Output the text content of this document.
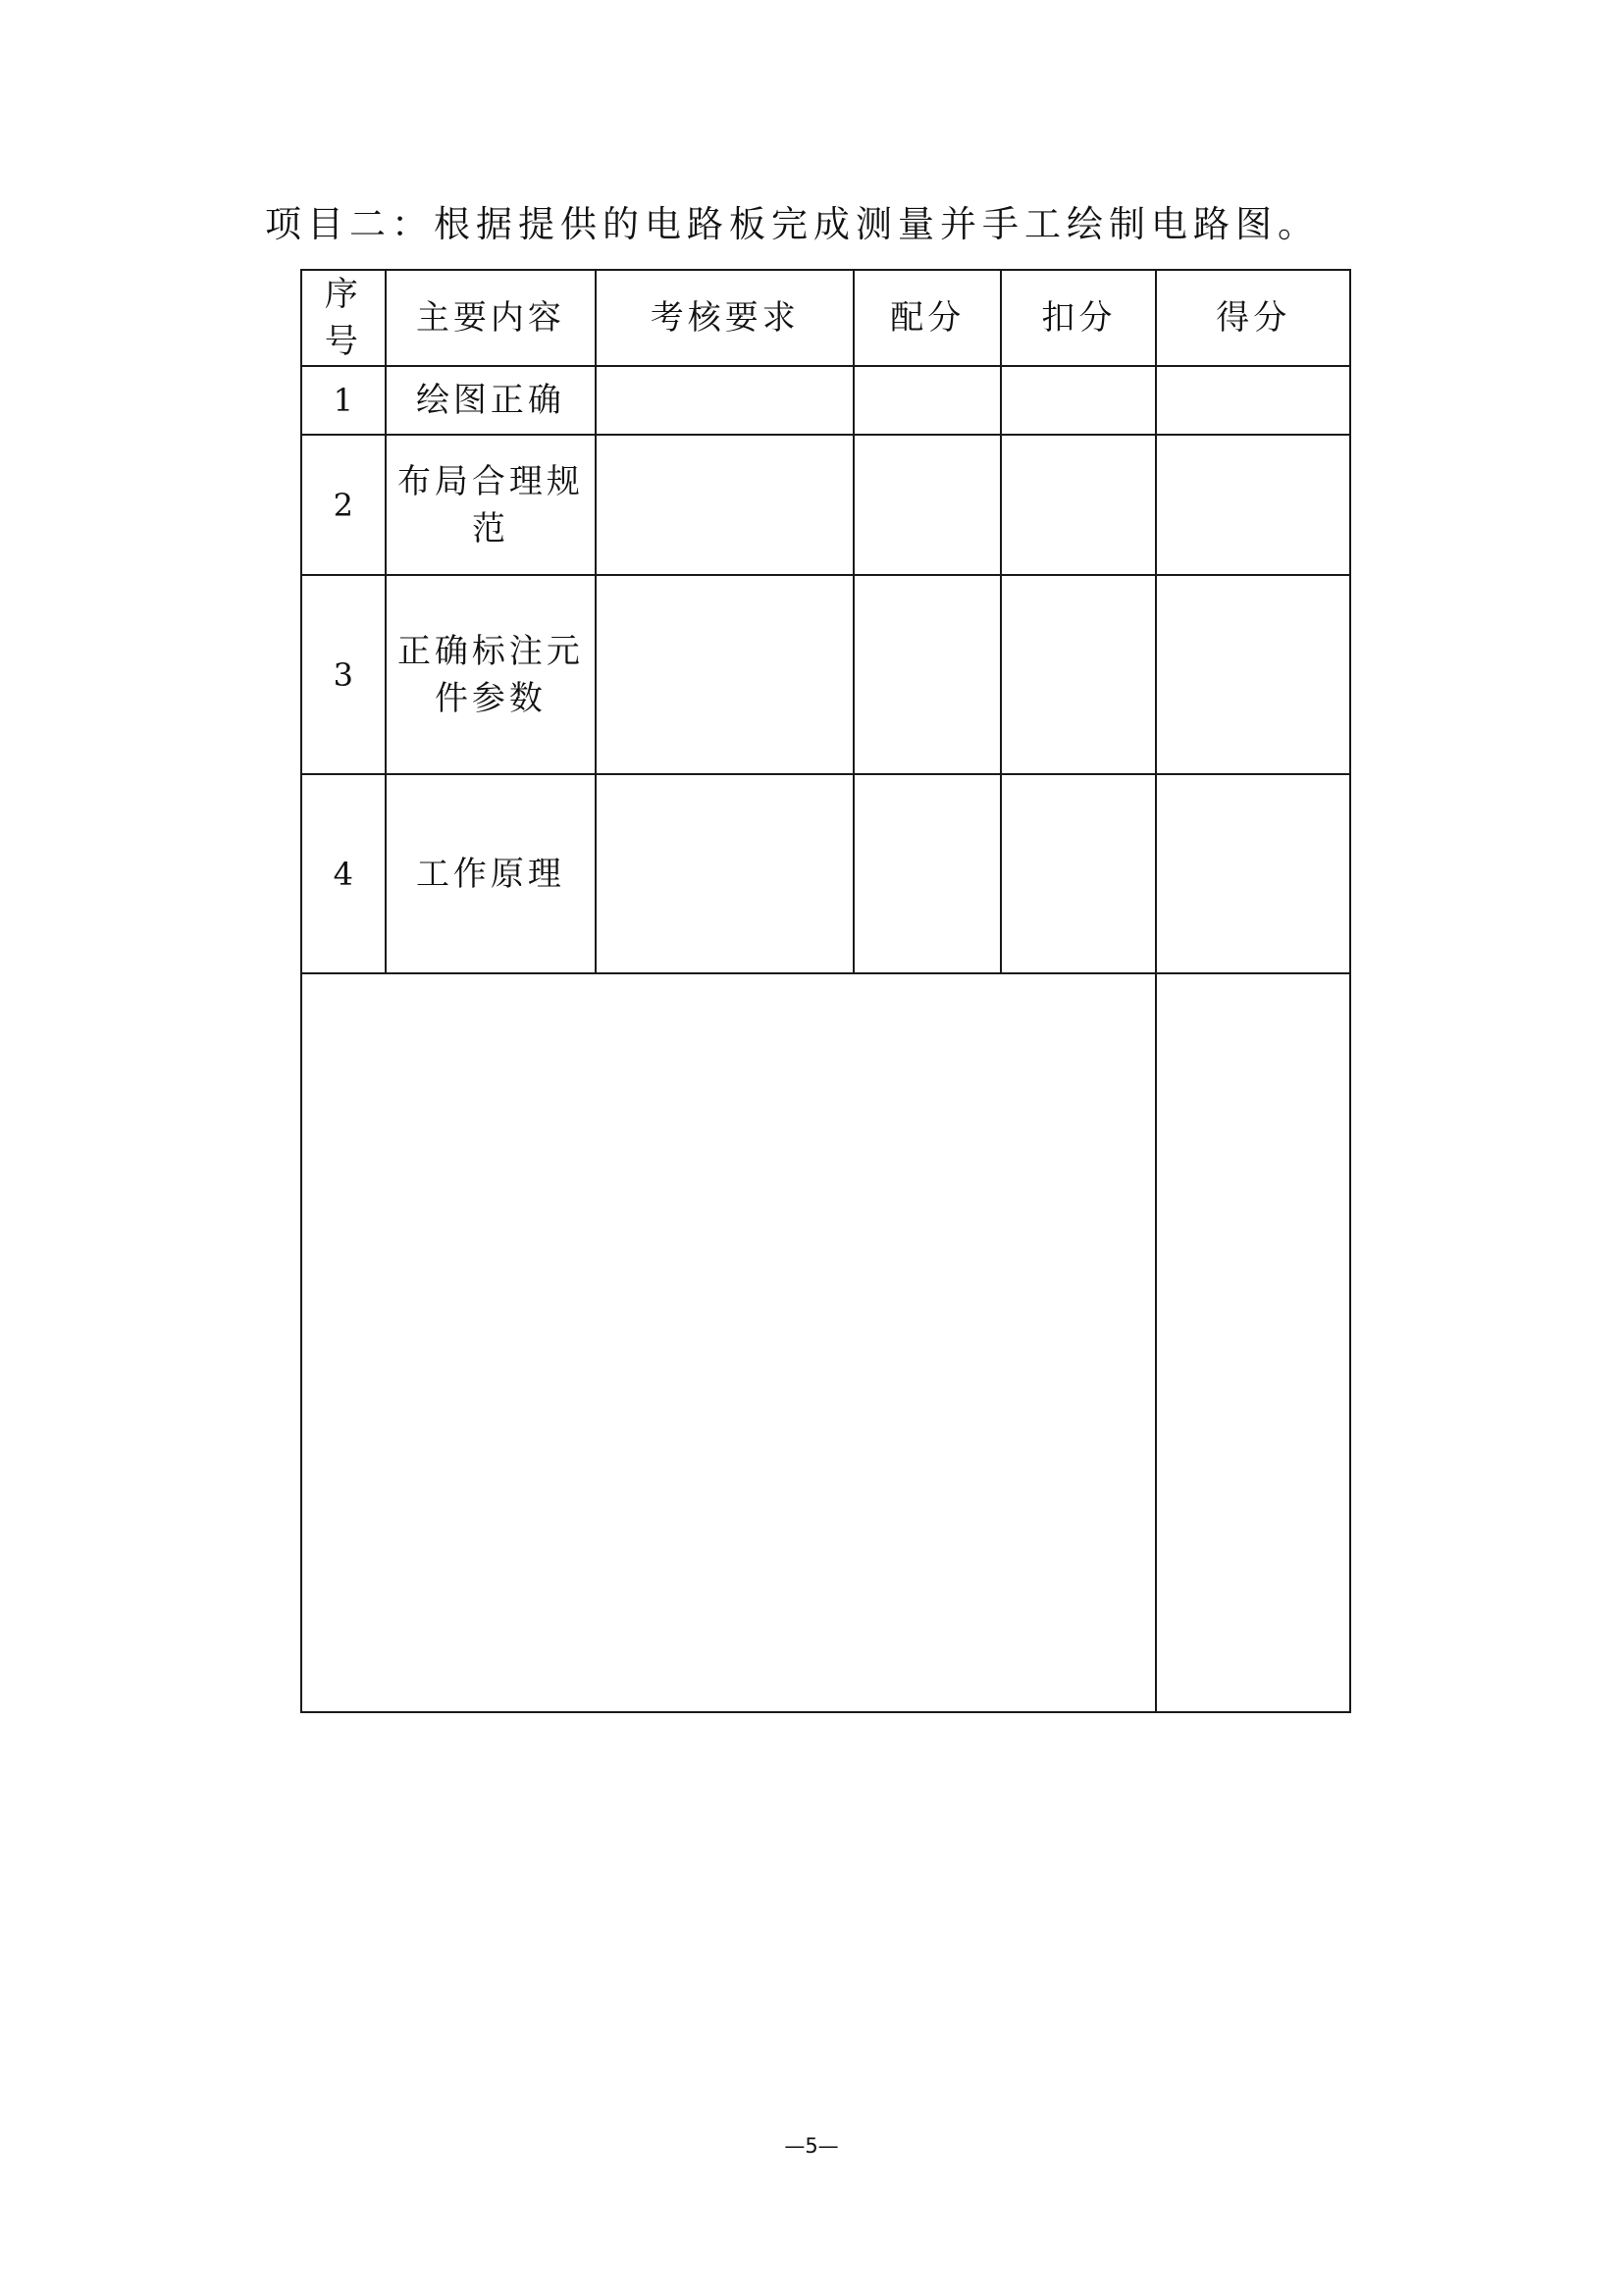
项目二：根据提供的电路板完成测量并手工绘制电路图。
序号	主要内容	考核要求	配分	扣分	得分
1	绘图正确				
2	布局合理规范				
3	正确标注元件参数				
4	工作原理				

—5—
